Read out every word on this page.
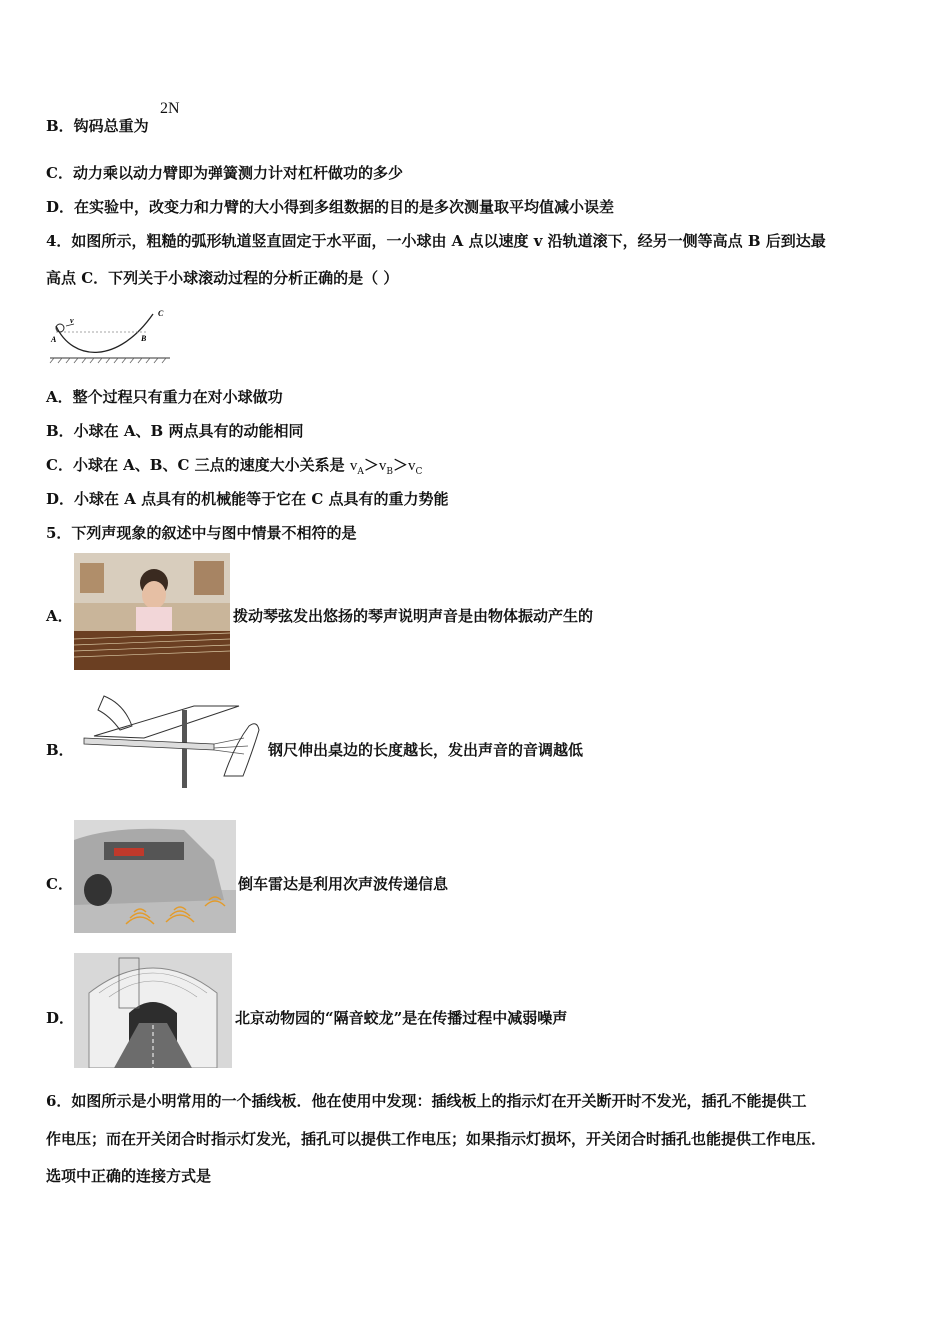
B．钩码总重为
2N
C．动力乘以动力臂即为弹簧测力计对杠杆做功的多少
D．在实验中，改变力和力臂的大小得到多组数据的目的是多次测量取平均值减小误差
4．如图所示，粗糙的弧形轨道竖直固定于水平面，一小球由 A 点以速度 v 沿轨道滚下，经另一侧等高点 B 后到达最
高点 C．下列关于小球滚动过程的分析正确的是（ ）
A
v
B
C
A．整个过程只有重力在对小球做功
B．小球在 A、B 两点具有的动能相同
C．小球在 A、B、C 三点的速度大小关系是 $v_A>v_B>v_C$
D．小球在 A 点具有的机械能等于它在 C 点具有的重力势能
5．下列声现象的叙述中与图中情景不相符的是
A．	拨动琴弦发出悠扬的琴声说明声音是由物体振动产生的
B．	钢尺伸出桌边的长度越长，发出声音的音调越低
C．	倒车雷达是利用次声波传递信息
D．	北京动物园的“隔音蛟龙”是在传播过程中减弱噪声
6．如图所示是小明常用的一个插线板．他在使用中发现：插线板上的指示灯在开关断开时不发光，插孔不能提供工
作电压；而在开关闭合时指示灯发光，插孔可以提供工作电压；如果指示灯损坏，开关闭合时插孔也能提供工作电压．
选项中正确的连接方式是
